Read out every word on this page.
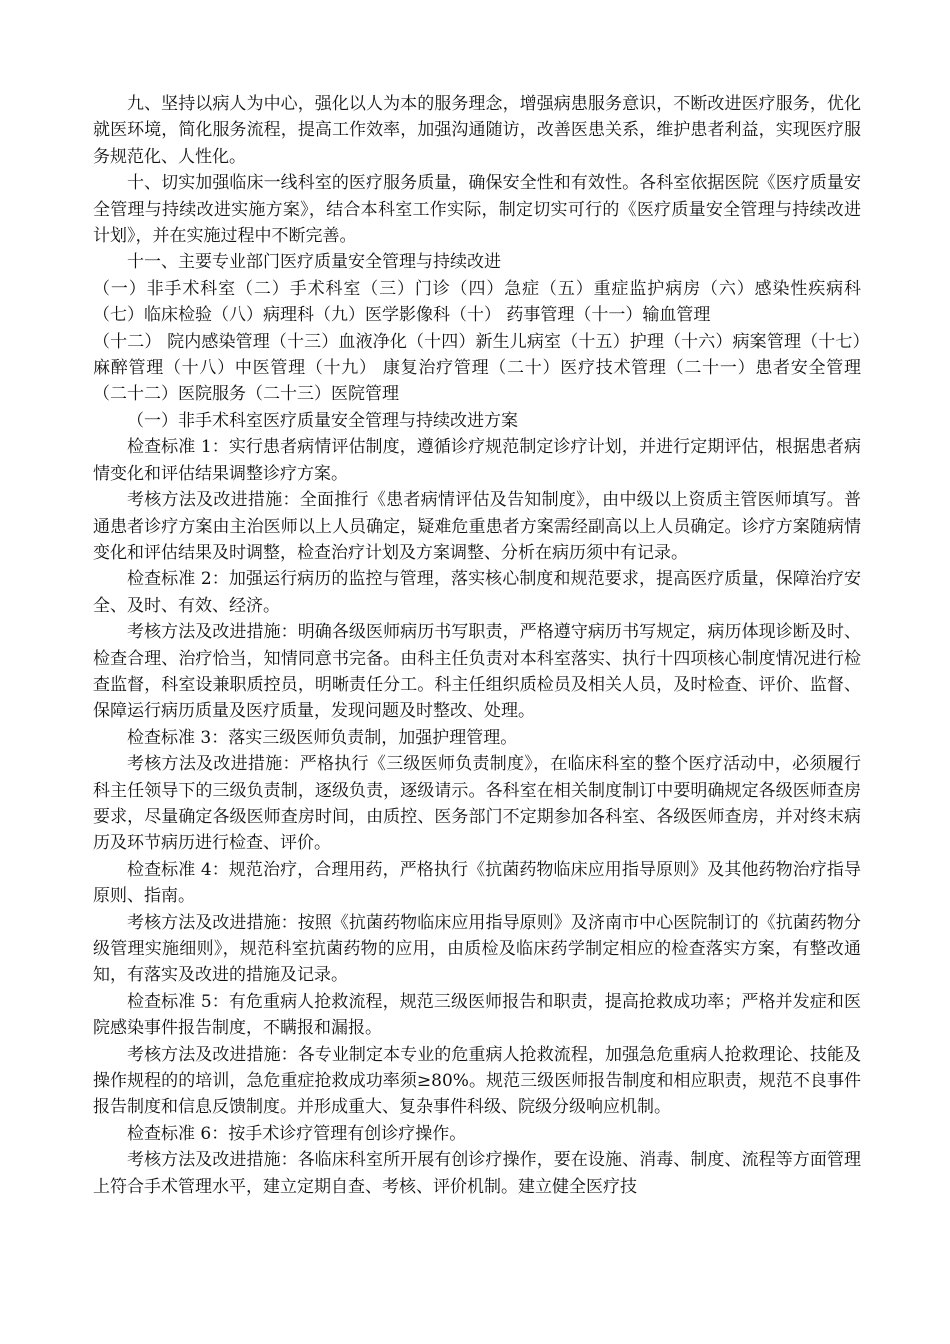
九、坚持以病人为中心，强化以人为本的服务理念，增强病患服务意识，不断改进医疗服务，优化就医环境，简化服务流程，提高工作效率，加强沟通随访，改善医患关系，维护患者利益，实现医疗服务规范化、人性化。

十、切实加强临床一线科室的医疗服务质量，确保安全性和有效性。各科室依据医院《医疗质量安全管理与持续改进实施方案》，结合本科室工作实际，制定切实可行的《医疗质量安全管理与持续改进计划》，并在实施过程中不断完善。

十一、主要专业部门医疗质量安全管理与持续改进

（一）非手术科室（二）手术科室（三）门诊（四）急症（五）重症监护病房（六）感染性疾病科（七）临床检验（八）病理科（九）医学影像科（十） 药事管理（十一）输血管理

（十二） 院内感染管理（十三）血液净化（十四）新生儿病室（十五）护理（十六）病案管理（十七）麻醉管理（十八）中医管理（十九） 康复治疗管理（二十）医疗技术管理（二十一）患者安全管理（二十二）医院服务（二十三）医院管理

（一）非手术科室医疗质量安全管理与持续改进方案

检查标准 1：实行患者病情评估制度，遵循诊疗规范制定诊疗计划，并进行定期评估，根据患者病情变化和评估结果调整诊疗方案。

考核方法及改进措施：全面推行《患者病情评估及告知制度》，由中级以上资质主管医师填写。普通患者诊疗方案由主治医师以上人员确定，疑难危重患者方案需经副高以上人员确定。诊疗方案随病情变化和评估结果及时调整，检查治疗计划及方案调整、分析在病历须中有记录。

检查标准 2：加强运行病历的监控与管理，落实核心制度和规范要求，提高医疗质量，保障治疗安全、及时、有效、经济。

考核方法及改进措施：明确各级医师病历书写职责，严格遵守病历书写规定，病历体现诊断及时、检查合理、治疗恰当，知情同意书完备。由科主任负责对本科室落实、执行十四项核心制度情况进行检查监督，科室设兼职质控员，明晰责任分工。科主任组织质检员及相关人员，及时检查、评价、监督、保障运行病历质量及医疗质量，发现问题及时整改、处理。

检查标准 3：落实三级医师负责制，加强护理管理。

考核方法及改进措施：严格执行《三级医师负责制度》，在临床科室的整个医疗活动中，必须履行科主任领导下的三级负责制，逐级负责，逐级请示。各科室在相关制度制订中要明确规定各级医师查房要求，尽量确定各级医师查房时间，由质控、医务部门不定期参加各科室、各级医师查房，并对终末病历及环节病历进行检查、评价。

检查标准 4：规范治疗，合理用药，严格执行《抗菌药物临床应用指导原则》及其他药物治疗指导原则、指南。

考核方法及改进措施：按照《抗菌药物临床应用指导原则》及济南市中心医院制订的《抗菌药物分级管理实施细则》，规范科室抗菌药物的应用，由质检及临床药学制定相应的检查落实方案，有整改通知，有落实及改进的措施及记录。

检查标准 5：有危重病人抢救流程，规范三级医师报告和职责，提高抢救成功率；严格并发症和医院感染事件报告制度，不瞒报和漏报。

考核方法及改进措施：各专业制定本专业的危重病人抢救流程，加强急危重病人抢救理论、技能及操作规程的的培训，急危重症抢救成功率须≥80%。规范三级医师报告制度和相应职责，规范不良事件报告制度和信息反馈制度。并形成重大、复杂事件科级、院级分级响应机制。

检查标准 6：按手术诊疗管理有创诊疗操作。

考核方法及改进措施：各临床科室所开展有创诊疗操作，要在设施、消毒、制度、流程等方面管理上符合手术管理水平，建立定期自查、考核、评价机制。建立健全医疗技
